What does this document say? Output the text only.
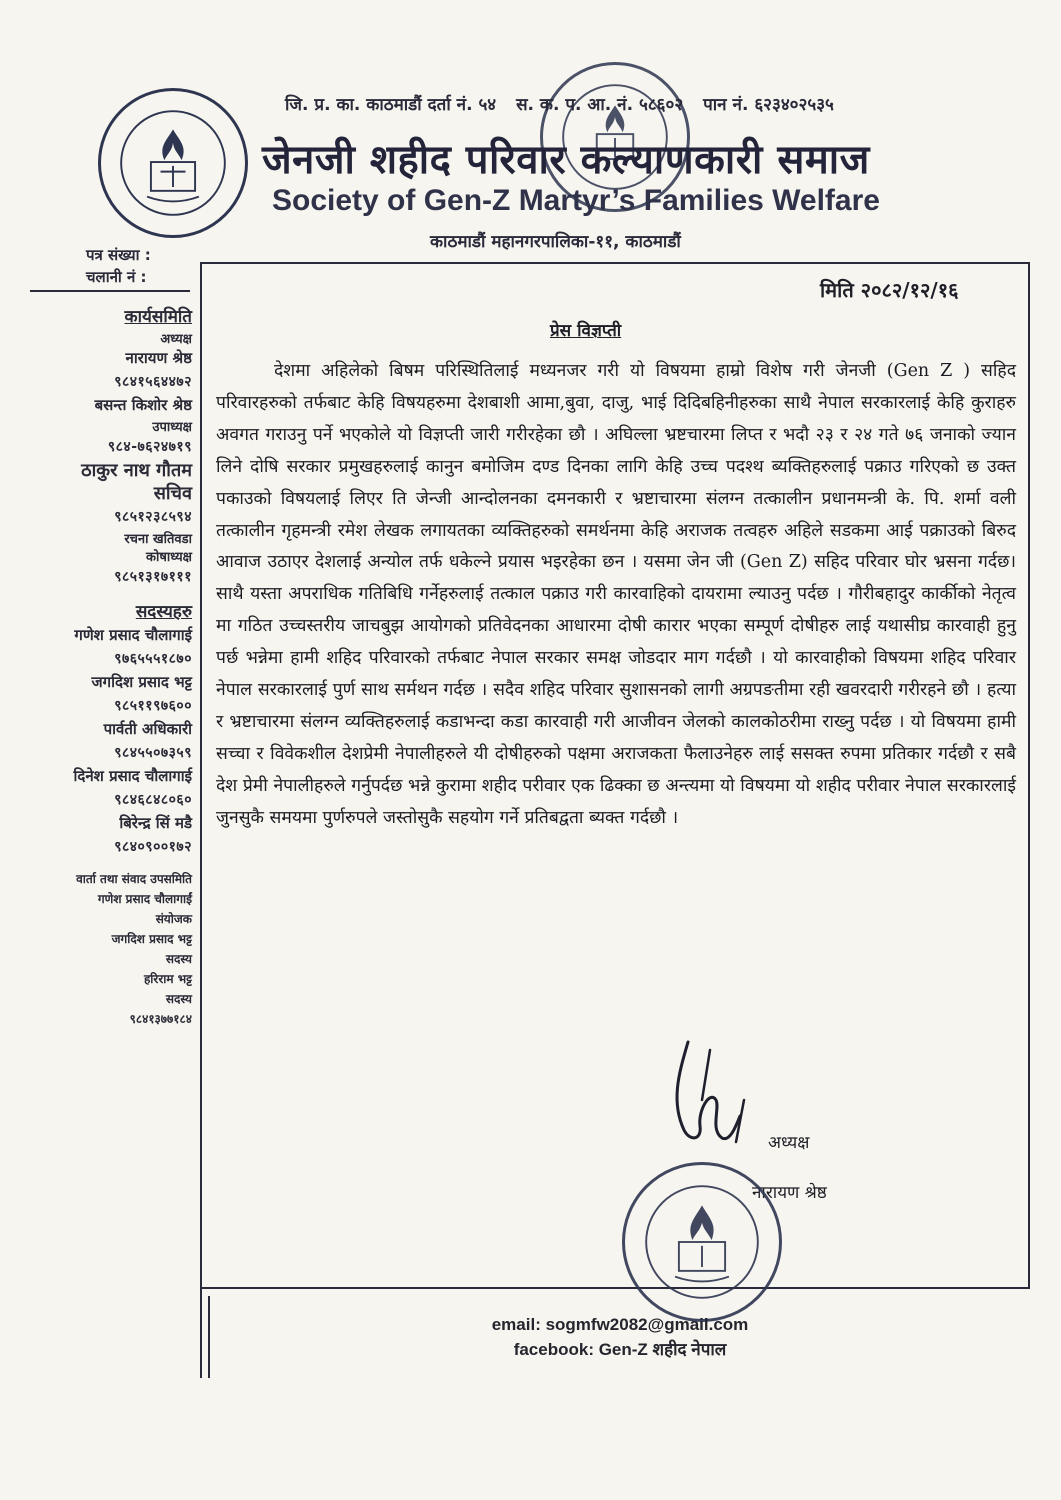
जि. प्र. का. काठमाडौं दर्ता नं. ५४ स. क. प. आ. नं. ५८६०२ पान नं. ६२३४०२५३५
जेनजी शहीद परिवार कल्याणकारी समाज
Society of Gen-Z Martyr’s Families Welfare
काठमाडौं महानगरपालिका-११, काठमाडौं
पत्र संख्या :
चलानी नं :
कार्यसमिति
अध्यक्ष
नारायण श्रेष्ठ
९८४१५६४४७२
बसन्त किशोर श्रेष्ठ
उपाध्यक्ष
९८४-७६२४७१९
ठाकुर नाथ गौतम
सचिव
९८५१२३८५९४
रचना खतिवडा
कोषाध्यक्ष
९८५१३१७१११
सदस्यहरु
गणेश प्रसाद चौलागाई
९७६५५५१८७०
जगदिश प्रसाद भट्ट
९८५११९७६००
पार्वती अधिकारी
९८४५५०७३५९
दिनेश प्रसाद चौलागाई
९८४६८४८०६०
बिरेन्द्र सिं मडै
९८४०९००१७२
वार्ता तथा संवाद उपसमिति
गणेश प्रसाद चौलागाईं
संयोजक
जगदिश प्रसाद भट्ट
सदस्य
हरिराम भट्ट
सदस्य
९८४१३७७१८४
मिति २०८२/१२/१६
प्रेस विज्ञप्ती

देशमा अहिलेको बिषम परिस्थितिलाई मध्यनजर गरी यो विषयमा हाम्रो विशेष गरी जेनजी (Gen Z ) सहिद परिवारहरुको तर्फबाट केहि विषयहरुमा देशबाशी आमा,बुवा, दाजु, भाई दिदिबहिनीहरुका साथै नेपाल सरकारलाई केहि कुराहरु अवगत गराउनु पर्ने भएकोले यो विज्ञप्ती जारी गरीरहेका छौ । अघिल्ला भ्रष्टचारमा लिप्त र भदौ २३ र २४ गते ७६ जनाको ज्यान लिने दोषि सरकार प्रमुखहरुलाई कानुन बमोजिम दण्ड दिनका लागि केहि उच्च पदश्थ ब्यक्तिहरुलाई पक्राउ गरिएको छ उक्त पकाउको विषयलाई लिएर ति जेन्जी आन्दोलनका दमनकारी र भ्रष्टाचारमा संलग्न तत्कालीन प्रधानमन्त्री के. पि. शर्मा वली तत्कालीन गृहमन्त्री रमेश लेखक लगायतका व्यक्तिहरुको समर्थनमा केहि अराजक तत्वहरु अहिले सडकमा आई पक्राउको बिरुद आवाज उठाएर देशलाई अन्योल तर्फ धकेल्ने प्रयास भइरहेका छन । यसमा जेन जी (Gen Z) सहिद परिवार घोर भ्रसना गर्दछ। साथै यस्ता अपराधिक गतिबिधि गर्नेहरुलाई तत्काल पक्राउ गरी कारवाहिको दायरामा ल्याउनु पर्दछ । गौरीबहादुर कार्कीको नेतृत्व मा गठित उच्चस्तरीय जाचबुझ आयोगको प्रतिवेदनका आधारमा दोषी कारार भएका सम्पूर्ण दोषीहरु लाई यथासीघ्र कारवाही हुनु पर्छ भन्नेमा हामी शहिद परिवारको तर्फबाट नेपाल सरकार समक्ष जोडदार माग गर्दछौ । यो कारवाहीको विषयमा शहिद परिवार नेपाल सरकारलाई पुर्ण साथ सर्मथन गर्दछ । सदैव शहिद परिवार सुशासनको लागी अग्रपङतीमा रही खवरदारी गरीरहने छौ । हत्या र भ्रष्टाचारमा संलग्न व्यक्तिहरुलाई कडाभन्दा कडा कारवाही गरी आजीवन जेलको कालकोठरीमा राख्नु पर्दछ । यो विषयमा हामी सच्चा र विवेकशील देशप्रेमी नेपालीहरुले यी दोषीहरुको पक्षमा अराजकता फैलाउनेहरु लाई ससक्त रुपमा प्रतिकार गर्दछौ र सबै देश प्रेमी नेपालीहरुले गर्नुपर्दछ भन्ने कुरामा शहीद परीवार एक ढिक्का छ अन्त्यमा यो विषयमा यो शहीद परीवार नेपाल सरकारलाई जुनसुकै समयमा पुर्णरुपले जस्तोसुकै सहयोग गर्ने प्रतिबद्वता ब्यक्त गर्दछौ ।

अध्यक्ष
नारायण श्रेष्ठ
email: sogmfw2082@gmail.com
facebook: Gen-Z शहीद नेपाल
